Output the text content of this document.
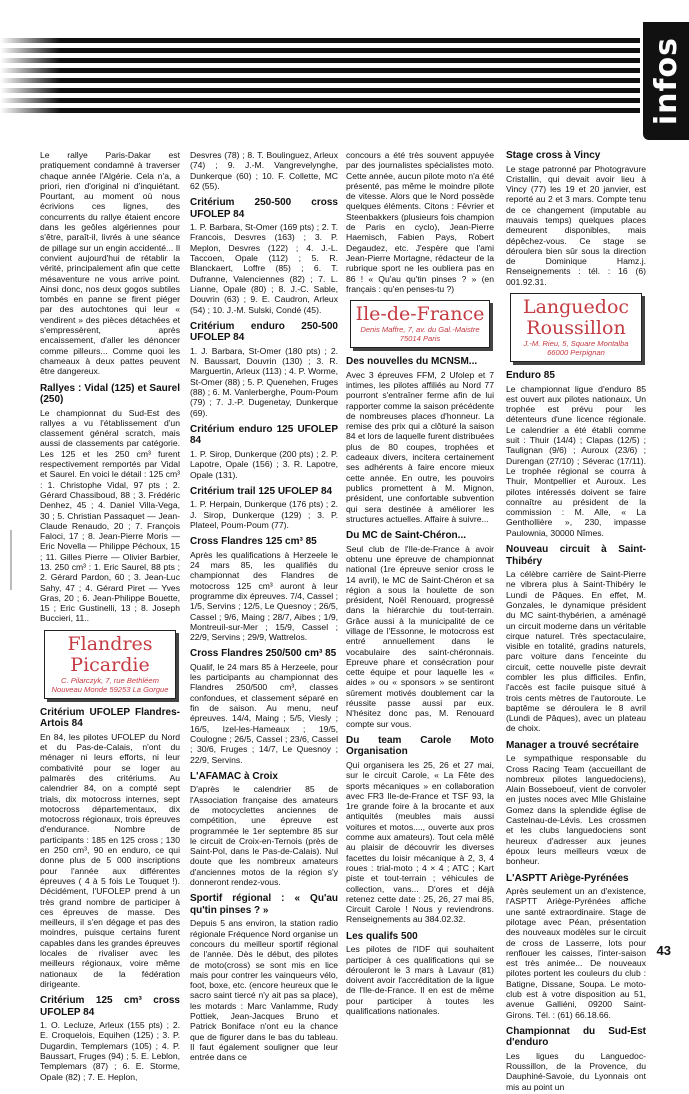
infos

Le rallye Paris-Dakar est pratiquement condamné à traverser chaque année l'Algérie. Cela n'a, a priori, rien d'original ni d'inquiétant. Pourtant, au moment où nous écrivions ces lignes, des concurrents du rallye étaient encore dans les geôles algériennes pour s'être, paraît-il, livrés à une séance de pillage sur un engin accidenté... Il convient aujourd'hui de rétablir la vérité, principalement afin que cette mésaventure ne vous arrive point. Ainsi donc, nos deux gogos subtiles tombés en panne se firent piéger par des autochtones qui leur « vendirent » des pièces détachées et s'empressèrent, après encaissement, d'aller les dénoncer comme pilleurs... Comme quoi les chameaux à deux pattes peuvent être dangereux.

Rallyes : Vidal (125) et Saurel (250)

Le championnat du Sud-Est des rallyes a vu l'établissement d'un classement général scratch, mais aussi de classements par catégorie. Les 125 et les 250 cm³ furent respectivement remportés par Vidal et Saurel. En voici le détail : 125 cm³ : 1. Christophe Vidal, 97 pts ; 2. Gérard Chassiboud, 88 ; 3. Frédéric Denhez, 45 ; 4. Daniel Villa-Vega, 30 ; 5. Christian Passaquet — Jean-Claude Renaudo, 20 ; 7. François Faloci, 17 ; 8. Jean-Pierre Moris — Eric Novella — Philippe Péchoux, 15 ; 11. Gilles Pierre — Olivier Barbier, 13. 250 cm³ : 1. Eric Saurel, 88 pts ; 2. Gérard Pardon, 60 ; 3. Jean-Luc Sahy, 47 ; 4. Gérard Piret — Yves Gras, 20 ; 6. Jean-Philippe Bouette, 15 ; Eric Gustinelli, 13 ; 8. Joseph Buccieri, 11..

Flandres Picardie
C. Pilarczyk, 7, rue Bethléem
Nouveau Monde 59253 La Gorgue
Critérium UFOLEP Flandres-Artois 84

En 84, les pilotes UFOLEP du Nord et du Pas-de-Calais, n'ont du ménager ni leurs efforts, ni leur combativité pour se loger au palmarès des critériums. Au calendrier 84, on a compté sept trials, dix motocross internes, sept motocross départementaux, dix motocross régionaux, trois épreuves d'endurance. Nombre de participants : 185 en 125 cross ; 130 en 250 cm³, 90 en enduro, ce qui donne plus de 5 000 inscriptions pour l'année aux différentes épreuves ( 4 à 5 fois Le Touquet !). Décidément, l'UFOLEP prend à un très grand nombre de participer à ces épreuves de masse. Des meilleurs, il s'en dégage et pas des moindres, puisque certains furent capables dans les grandes épreuves locales de rivaliser avec les meilleurs régionaux, voire même nationaux de la fédération dirigeante.

Critérium 125 cm³ cross UFOLEP 84

1. O. Lecluze, Arleux (155 pts) ; 2. E. Croquelois, Equihen (125) ; 3. P. Dugardin, Templemars (105) ; 4. P. Baussart, Fruges (94) ; 5. E. Leblon, Templemars (87) ; 6. E. Storme, Opale (82) ; 7. E. Heplon,

Desvres (78) ; 8. T. Boulinguez, Arleux (74) ; 9. J.-M. Vangrevelynghe, Dunkerque (60) ; 10. F. Collette, MC 62 (55).

Critérium 250-500 cross UFOLEP 84

1. P. Barbara, St-Omer (169 pts) ; 2. T. Francois, Desvres (163) ; 3. P. Meplon, Desvres (122) ; 4. J.-L. Taccoen, Opale (112) ; 5. R. Blanckaert, Loffre (85) ; 6. T. Dufranne, Valenciennes (82) ; 7. L. Lianne, Opale (80) ; 8. J.-C. Sable, Douvrin (63) ; 9. E. Caudron, Arleux (54) ; 10. J.-M. Sulski, Condé (45).

Critérium enduro 250-500 UFOLEP 84

1. J. Barbara, St-Omer (180 pts) ; 2. N. Baussart, Douvrin (130) ; 3. R. Marguertin, Arleux (113) ; 4. P. Worme, St-Omer (88) ; 5. P. Quenehen, Fruges (88) ; 6. M. Vanlerberghe, Poum-Poum (79) ; 7. J.-P. Dugenetay, Dunkerque (69).

Critérium enduro 125 UFOLEP 84

1. P. Sirop, Dunkerque (200 pts) ; 2. P. Lapotre, Opale (156) ; 3. R. Lapotre, Opale (131).

Critérium trail 125 UFOLEP 84

1. P. Herpain, Dunkerque (176 pts) ; 2. J. Sirop, Dunkerque (129) ; 3. P. Plateel, Poum-Poum (77).

Cross Flandres 125 cm³ 85

Après les qualifications à Herzeele le 24 mars 85, les qualifiés du championnat des Flandres de motocross 125 cm³ auront à leur programme dix épreuves. 7/4, Cassel ; 1/5, Servins ; 12/5, Le Quesnoy ; 26/5, Cassel ; 9/6, Maing ; 28/7, Aibes ; 1/9, Montreuil-sur-Mer ; 15/9, Cassel ; 22/9, Servins ; 29/9, Wattrelos.

Cross Flandres 250/500 cm³ 85

Qualif, le 24 mars 85 à Herzeele, pour les participants au championnat des Flandres 250/500 cm³, classes confondues, et classement séparé en fin de saison. Au menu, neuf épreuves. 14/4, Maing ; 5/5, Viesly ; 16/5, Izel-les-Hameaux ; 19/5, Coulogne ; 26/5, Cassel ; 23/6, Cassel ; 30/6, Fruges ; 14/7, Le Quesnoy ; 22/9, Servins.

L'AFAMAC à Croix

D'après le calendrier 85 de l'Association française des amateurs de motocyclettes anciennes de compétition, une épreuve est programmée le 1er septembre 85 sur le circuit de Croix-en-Ternois (près de Saint-Pol, dans le Pas-de-Calais). Nul doute que les nombreux amateurs d'anciennes motos de la région s'y donneront rendez-vous.

Sportif régional : « Qu'au qu'tin pinses ? »

Depuis 5 ans environ, la station radio régionale Fréquence Nord organise un concours du meilleur sportif régional de l'année. Dès le début, des pilotes de moto(cross) se sont mis en lice mais pour contrer les vainqueurs vélo, foot, boxe, etc. (encore heureux que le sacro saint tiercé n'y ait pas sa place), les motards : Marc Vanlamme, Rudy Pottiek, Jean-Jacques Bruno et Patrick Boniface n'ont eu la chance que de figurer dans le bas du tableau. Il faut également souligner que leur entrée dans ce

concours a été très souvent appuyée par des journalistes spécialistes moto. Cette année, aucun pilote moto n'a été présenté, pas même le moindre pilote de vitesse. Alors que le Nord possède quelques éléments. Citons : Février et Steenbakkers (plusieurs fois champion de Paris en cyclo), Jean-Pierre Haemisch, Fabien Pays, Robert Degaudez, etc. J'espère que l'ami Jean-Pierre Mortagne, rédacteur de la rubrique sport ne les oubliera pas en 86 ! « Qu'au qu'tin pinses ? » (en français : qu'en penses-tu ?)

Ile-de-France
Denis Maffre, 7, av. du Gal.-Maistre
75014 Paris
Des nouvelles du MCNSM...

Avec 3 épreuves FFM, 2 Ufolep et 7 intimes, les pilotes affiliés au Nord 77 pourront s'entraîner ferme afin de lui rapporter comme la saison précédente de nombreuses places d'honneur. La remise des prix qui a clôturé la saison 84 et lors de laquelle furent distribuées plus de 80 coupes, trophées et cadeaux divers, incitera certainement ses adhérents à faire encore mieux cette année. En outre, les pouvoirs publics promettent à M. Mignon, président, une confortable subvention qui sera destinée à améliorer les structures actuelles. Affaire à suivre...

Du MC de Saint-Chéron...

Seul club de l'Ile-de-France à avoir obtenu une épreuve de championnat national (1re épreuve senior cross le 14 avril), le MC de Saint-Chéron et sa région a sous la houlette de son président, Noël Renouard, progressé dans la hiérarchie du tout-terrain. Grâce aussi à la municipalité de ce village de l'Essonne, le motocross est entré annuellement dans le vocabulaire des saint-chéronnais. Epreuve phare et consécration pour cette équipe et pour laquelle les « aides » ou « sponsors » se sentiront sûrement motivés doublement car la réussite passe aussi par eux. N'hésitez donc pas, M. Renouard compte sur vous.

Du team Carole Moto Organisation

Qui organisera les 25, 26 et 27 mai, sur le circuit Carole, « La Fête des sports mécaniques » en collaboration avec FR3 Ile-de-France et TSF 93, la 1re grande foire à la brocante et aux antiquités (meubles mais aussi voitures et motos...., ouverte aux pros comme aux amateurs). Tout cela mêlé au plaisir de découvrir les diverses facettes du loisir mécanique à 2, 3, 4 roues : trial-moto ; 4 × 4 ; ATC ; Kart piste et tout-terrain ; véhicules de collection, vans... D'ores et déjà retenez cette date : 25, 26, 27 mai 85, Circuit Carole ! Nous y reviendrons. Renseignements au 384.02.32.

Les qualifs 500

Les pilotes de l'IDF qui souhaitent participer à ces qualifications qui se dérouleront le 3 mars à Lavaur (81) doivent avoir l'accréditation de la ligue de l'Ile-de-France. Il en est de même pour participer à toutes les qualifications nationales.

Stage cross à Vincy

Le stage patronné par Photogravure Cristallin, qui devait avoir lieu à Vincy (77) les 19 et 20 janvier, est reporté au 2 et 3 mars. Compte tenu de ce changement (imputable au mauvais temps) quelques places demeurent disponibles, mais dépêchez-vous. Ce stage se déroulera bien sûr sous la direction de Dominique Hamz.j. Renseignements : tél. : 16 (6) 001.92.31.

Languedoc Roussillon
J.-M. Rieu, 5, Square Montalba
66000 Perpignan
Enduro 85

Le championnat ligue d'enduro 85 est ouvert aux pilotes nationaux. Un trophée est prévu pour les détenteurs d'une licence régionale. Le calendrier a été établi comme suit : Thuir (14/4) ; Clapas (12/5) ; Taulignan (9/6) ; Auroux (23/6) ; Durengan (27/10) ; Séverac (17/11). Le trophée régional se courra à Thuir, Montpellier et Auroux. Les pilotes intéressés doivent se faire connaître au président de la commission : M. Alle, « La Genthollière », 230, impasse Paulownia, 30000 Nîmes.

Nouveau circuit à Saint-Thibéry

La célèbre carrière de Saint-Pierre ne vibrera plus à Saint-Thibéry le Lundi de Pâques. En effet, M. Gonzales, le dynamique président du MC saint-thybérien, a aménagé un circuit moderne dans un véritable cirque naturel. Très spectaculaire, visible en totalité, gradins naturels, parc voiture dans l'enceinte du circuit, cette nouvelle piste devrait combler les plus difficiles. Enfin, l'accès est facile puisque situé à trois cents mètres de l'autoroute. Le baptême se déroulera le 8 avril (Lundi de Pâques), avec un plateau de choix.

Manager a trouvé secrétaire

Le sympathique responsable du Cross Racing Team (accueillant de nombreux pilotes languedociens), Alain Bosseboeuf, vient de convoler en justes noces avec Mlle Ghislaine Gomez dans la splendide église de Castelnau-de-Lévis. Les crossmen et les clubs languedociens sont heureux d'adresser aux jeunes époux leurs meilleurs vœux de bonheur.

L'ASPTT Ariège-Pyrénées

Après seulement un an d'existence, l'ASPTT Ariège-Pyrénées affiche une santé extraordinaire. Stage de pilotage avec Péan, présentation des nouveaux modèles sur le circuit de cross de Lasserre, lots pour renflouer les caisses, l'inter-saison est très animée... De nouveaux pilotes portent les couleurs du club : Batigne, Dissane, Soupa. Le moto-club est à votre disposition au 51, avenue Galliéni, 09200 Saint-Girons. Tél. : (61) 66.18.66.

Championnat du Sud-Est d'enduro

Les ligues du Languedoc-Roussillon, de la Provence, du Dauphiné-Savoie, du Lyonnais ont mis au point un

43
